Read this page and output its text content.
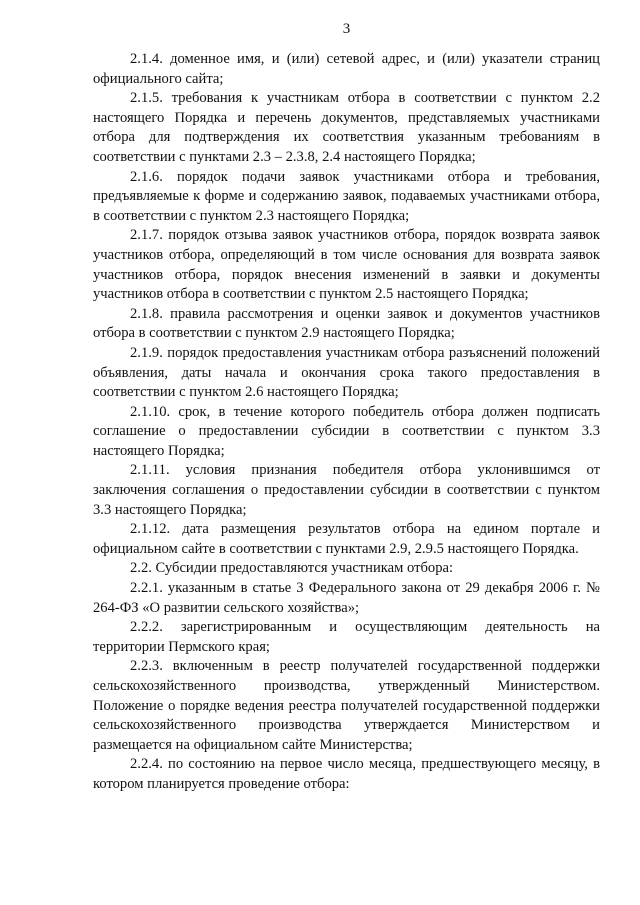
3

2.1.4. доменное имя, и (или) сетевой адрес, и (или) указатели страниц официального сайта;

2.1.5. требования к участникам отбора в соответствии с пунктом 2.2 настоящего Порядка и перечень документов, представляемых участниками отбора для подтверждения их соответствия указанным требованиям в соответствии с пунктами 2.3 – 2.3.8, 2.4 настоящего Порядка;

2.1.6. порядок подачи заявок участниками отбора и требования, предъявляемые к форме и содержанию заявок, подаваемых участниками отбора, в соответствии с пунктом 2.3 настоящего Порядка;

2.1.7. порядок отзыва заявок участников отбора, порядок возврата заявок участников отбора, определяющий в том числе основания для возврата заявок участников отбора, порядок внесения изменений в заявки и документы участников отбора в соответствии с пунктом 2.5 настоящего Порядка;

2.1.8. правила рассмотрения и оценки заявок и документов участников отбора в соответствии с пунктом 2.9 настоящего Порядка;

2.1.9. порядок предоставления участникам отбора разъяснений положений объявления, даты начала и окончания срока такого предоставления в соответствии с пунктом 2.6 настоящего Порядка;

2.1.10. срок, в течение которого победитель отбора должен подписать соглашение о предоставлении субсидии в соответствии с пунктом 3.3 настоящего Порядка;

2.1.11. условия признания победителя отбора уклонившимся от заключения соглашения о предоставлении субсидии в соответствии с пунктом 3.3 настоящего Порядка;

2.1.12. дата размещения результатов отбора на едином портале и официальном сайте в соответствии с пунктами 2.9, 2.9.5 настоящего Порядка.

2.2. Субсидии предоставляются участникам отбора:

2.2.1. указанным в статье 3 Федерального закона от 29 декабря 2006 г. № 264-ФЗ «О развитии сельского хозяйства»;

2.2.2. зарегистрированным и осуществляющим деятельность на территории Пермского края;

2.2.3. включенным в реестр получателей государственной поддержки сельскохозяйственного производства, утвержденный Министерством. Положение о порядке ведения реестра получателей государственной поддержки сельскохозяйственного производства утверждается Министерством и размещается на официальном сайте Министерства;

2.2.4. по состоянию на первое число месяца, предшествующего месяцу, в котором планируется проведение отбора:
